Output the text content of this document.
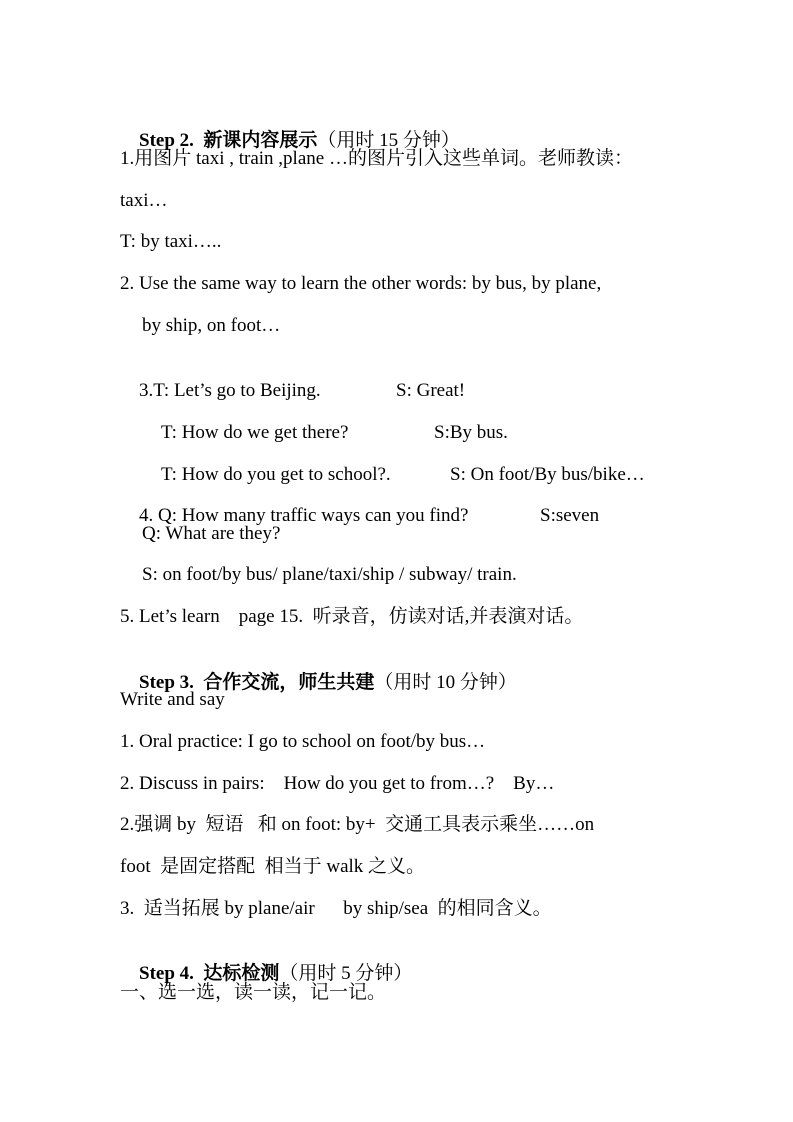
Step 2.  新课内容展示（用时 15 分钟）

1.用图片 taxi , train ,plane …的图片引入这些单词。老师教读：
taxi…
T: by taxi…..
2. Use the same way to learn the other words: by bus, by plane,
by ship, on foot…

3.T: Let’s go to Beijing.	S: Great!

T: How do we get there?	S:By bus.

T: How do you get to school?.	S: On foot/By bus/bike…

4. Q: How many traffic ways can you find?	S:seven

Q: What are they?
S: on foot/by bus/ plane/taxi/ship / subway/ train.
5. Let’s learn    page 15.  听录音，仿读对话,并表演对话。

Step 3.  合作交流，师生共建（用时 10 分钟）

Write and say
1. Oral practice: I go to school on foot/by bus…
2. Discuss in pairs:    How do you get to from…?    By…
2.强调 by  短语   和 on foot: by+  交通工具表示乘坐……on
foot  是固定搭配  相当于 walk 之义。
3.  适当拓展 by plane/air      by ship/sea  的相同含义。

Step 4.  达标检测（用时 5 分钟）

一、选一选，读一读，记一记。
